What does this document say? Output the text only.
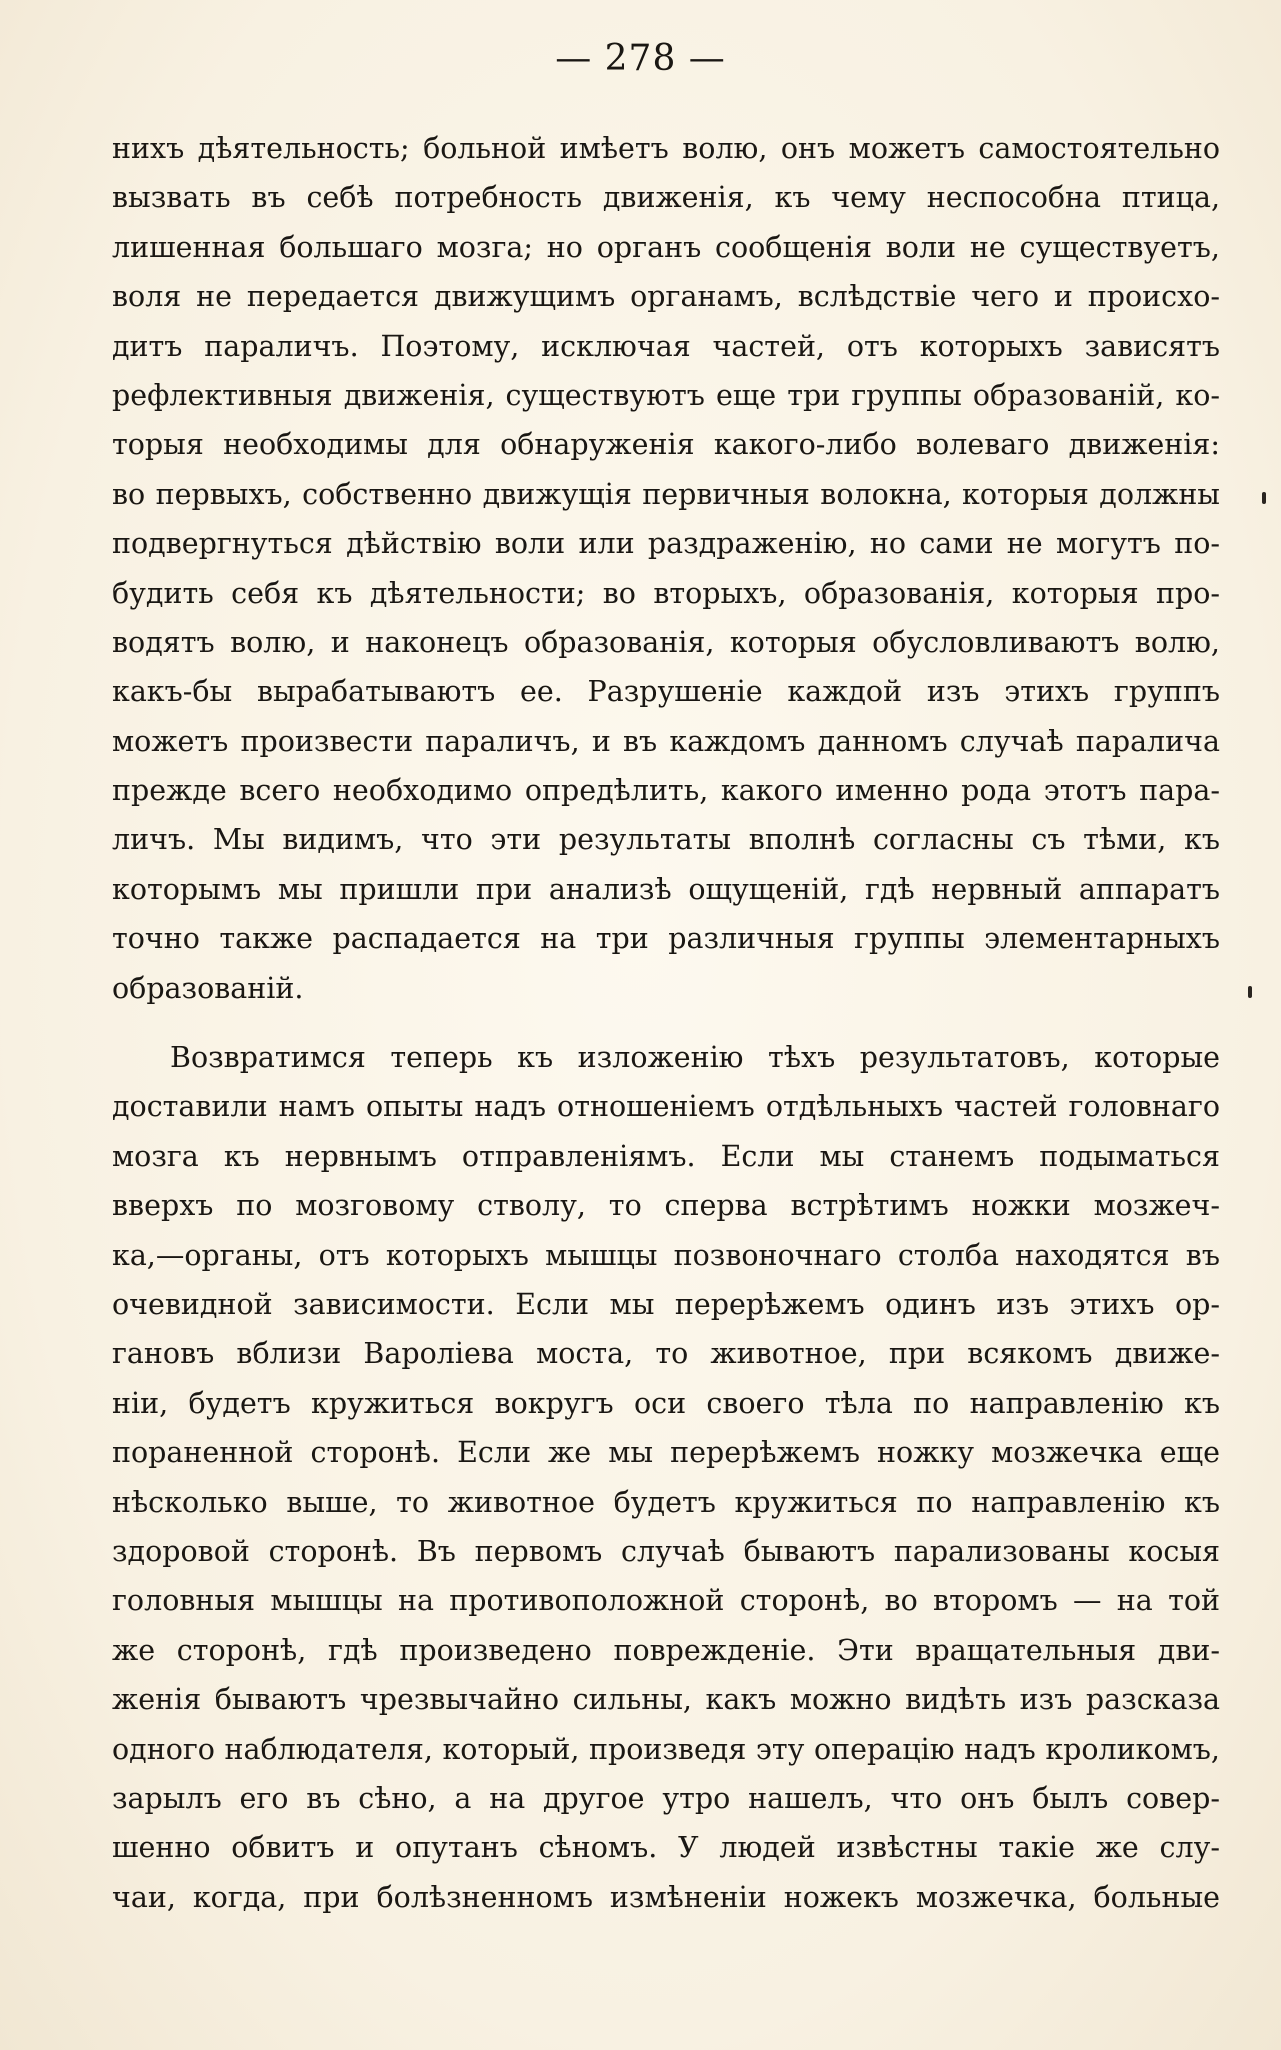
— 278 —
нихъ дѣятельность; больной имѣетъ волю, онъ можетъ самостоятельно
вызвать въ себѣ потребность движенія, къ чему неспособна птица,
лишенная большаго мозга; но органъ сообщенія воли не существуетъ,
воля не передается движущимъ органамъ, вслѣдствіе чего и происхо-
дитъ параличъ. Поэтому, исключая частей, отъ которыхъ зависятъ
рефлективныя движенія, существуютъ еще три группы образованій, ко-
торыя необходимы для обнаруженія какого-либо волеваго движенія:
во первыхъ, собственно движущія первичныя волокна, которыя должны
подвергнуться дѣйствію воли или раздраженію, но сами не могутъ по-
будить себя къ дѣятельности; во вторыхъ, образованія, которыя про-
водятъ волю, и наконецъ образованія, которыя обусловливаютъ волю,
какъ-бы вырабатываютъ ее. Разрушеніе каждой изъ этихъ группъ
можетъ произвести параличъ, и въ каждомъ данномъ случаѣ паралича
прежде всего необходимо опредѣлить, какого именно рода этотъ пара-
личъ. Мы видимъ, что эти результаты вполнѣ согласны съ тѣми, къ
которымъ мы пришли при анализѣ ощущеній, гдѣ нервный аппаратъ
точно также распадается на три различныя группы элементарныхъ
образованій.
Возвратимся теперь къ изложенію тѣхъ результатовъ, которые
доставили намъ опыты надъ отношеніемъ отдѣльныхъ частей головнаго
мозга къ нервнымъ отправленіямъ. Если мы станемъ подыматься
вверхъ по мозговому стволу, то сперва встрѣтимъ ножки мозжеч-
ка,—органы, отъ которыхъ мышцы позвоночнаго столба находятся въ
очевидной зависимости. Если мы перерѣжемъ одинъ изъ этихъ ор-
гановъ вблизи Вароліева моста, то животное, при всякомъ движе-
ніи, будетъ кружиться вокругъ оси своего тѣла по направленію къ
пораненной сторонѣ. Если же мы перерѣжемъ ножку мозжечка еще
нѣсколько выше, то животное будетъ кружиться по направленію къ
здоровой сторонѣ. Въ первомъ случаѣ бываютъ парализованы косыя
головныя мышцы на противоположной сторонѣ, во второмъ — на той
же сторонѣ, гдѣ произведено поврежденіе. Эти вращательныя дви-
женія бываютъ чрезвычайно сильны, какъ можно видѣть изъ разсказа
одного наблюдателя, который, произведя эту операцію надъ кроликомъ,
зарылъ его въ сѣно, а на другое утро нашелъ, что онъ былъ совер-
шенно обвитъ и опутанъ сѣномъ. У людей извѣстны такіе же слу-
чаи, когда, при болѣзненномъ измѣненіи ножекъ мозжечка, больные
